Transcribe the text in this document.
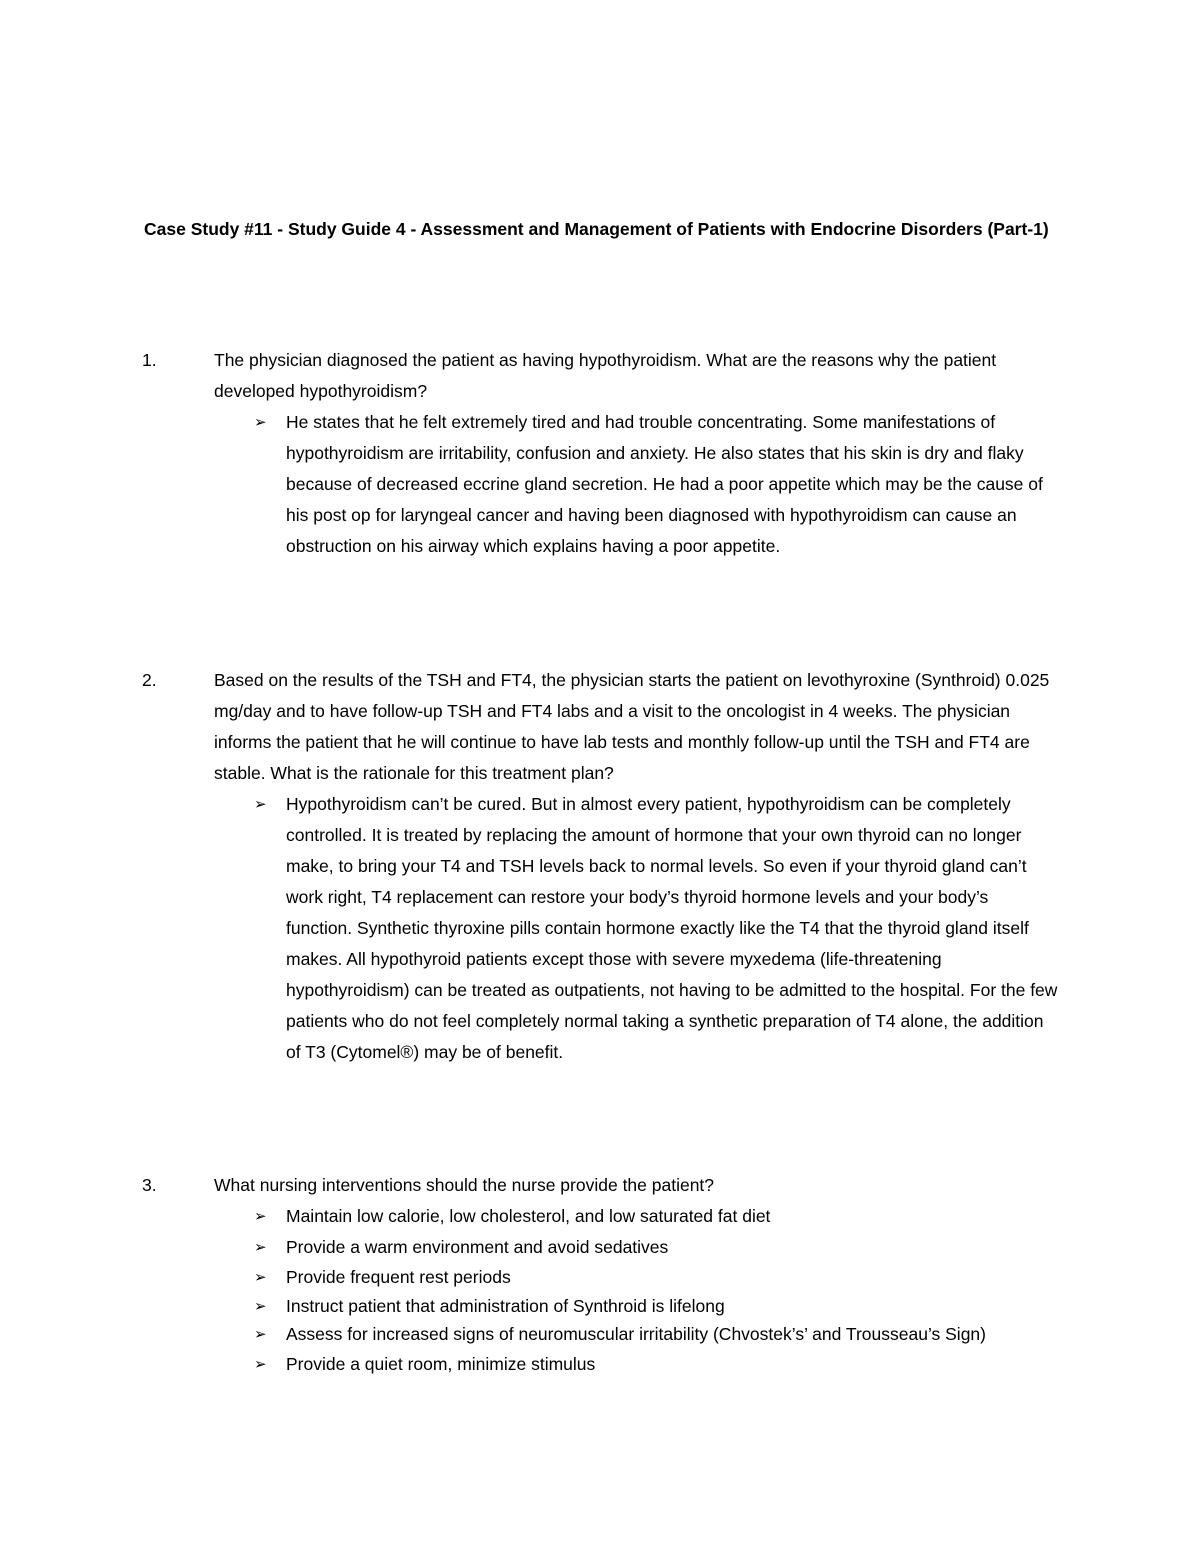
Case Study #11 - Study Guide 4 - Assessment and Management of Patients with Endocrine Disorders (Part-1)
1.	The physician diagnosed the patient as having hypothyroidism. What are the reasons why the patient developed hypothyroidism?
➢ He states that he felt extremely tired and had trouble concentrating. Some manifestations of hypothyroidism are irritability, confusion and anxiety. He also states that his skin is dry and flaky because of decreased eccrine gland secretion. He had a poor appetite which may be the cause of his post op for laryngeal cancer and having been diagnosed with hypothyroidism can cause an obstruction on his airway which explains having a poor appetite.
2.	Based on the results of the TSH and FT4, the physician starts the patient on levothyroxine (Synthroid) 0.025 mg/day and to have follow-up TSH and FT4 labs and a visit to the oncologist in 4 weeks. The physician informs the patient that he will continue to have lab tests and monthly follow-up until the TSH and FT4 are stable. What is the rationale for this treatment plan?
➢ Hypothyroidism can’t be cured. But in almost every patient, hypothyroidism can be completely controlled. It is treated by replacing the amount of hormone that your own thyroid can no longer make, to bring your T4 and TSH levels back to normal levels. So even if your thyroid gland can’t work right, T4 replacement can restore your body’s thyroid hormone levels and your body’s function. Synthetic thyroxine pills contain hormone exactly like the T4 that the thyroid gland itself makes. All hypothyroid patients except those with severe myxedema (life-threatening hypothyroidism) can be treated as outpatients, not having to be admitted to the hospital. For the few patients who do not feel completely normal taking a synthetic preparation of T4 alone, the addition of T3 (Cytomel®) may be of benefit.
3.	What nursing interventions should the nurse provide the patient?
➢ Maintain low calorie, low cholesterol, and low saturated fat diet
➢ Provide a warm environment and avoid sedatives
➢ Provide frequent rest periods
➢ Instruct patient that administration of Synthroid is lifelong
➢ Assess for increased signs of neuromuscular irritability (Chvostek’s’ and Trousseau’s Sign)
➢ Provide a quiet room, minimize stimulus
